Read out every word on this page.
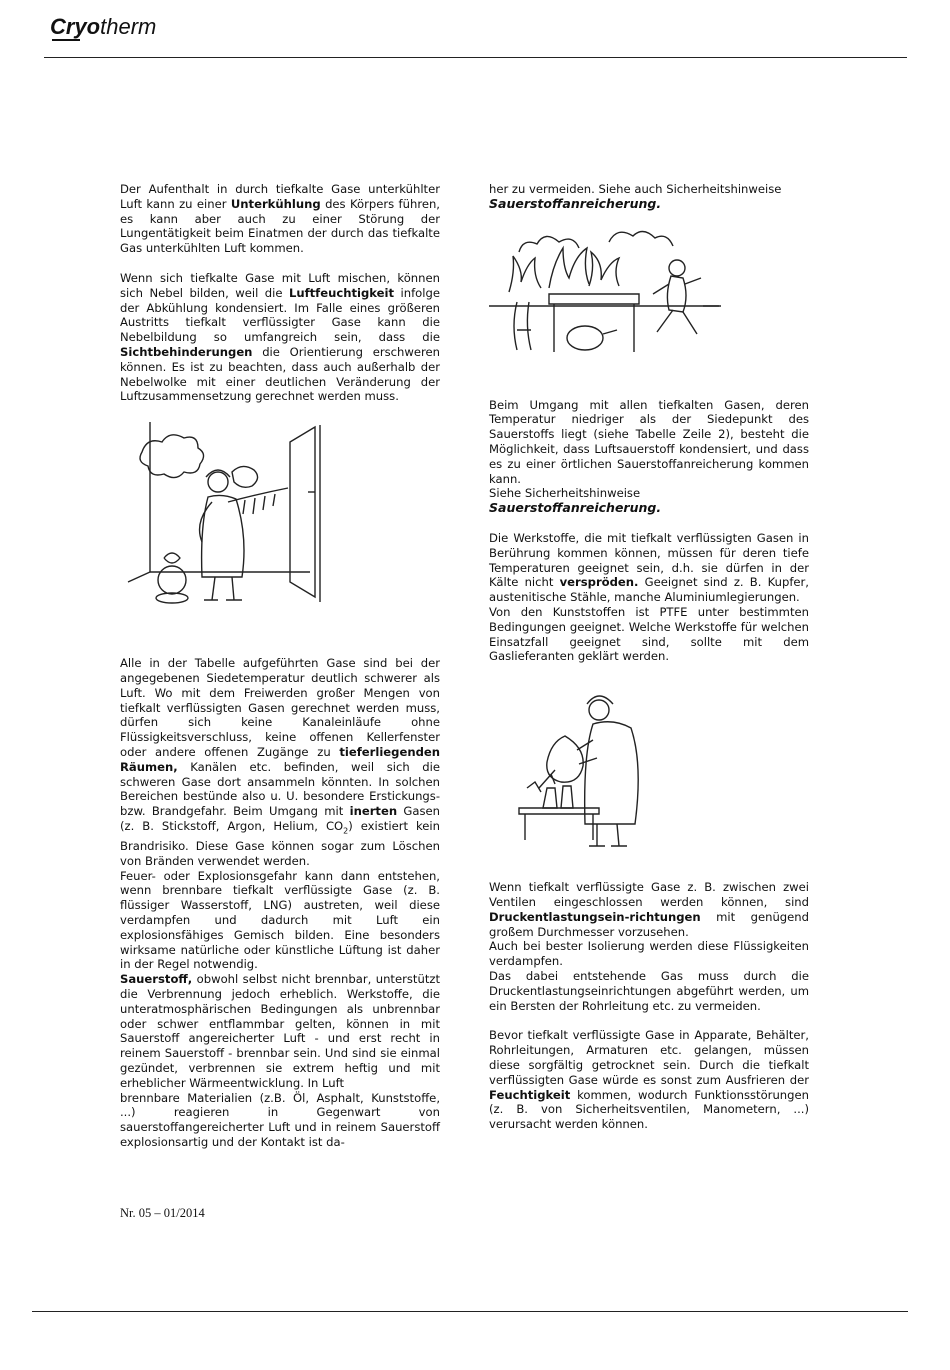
Cryotherm

Der Aufenthalt in durch tiefkalte Gase unterkühlter Luft kann zu einer Unterkühlung des Körpers führen, es kann aber auch zu einer Störung der Lungentätigkeit beim Einatmen der durch das tiefkalte Gas unterkühlten Luft kommen.

Wenn sich tiefkalte Gase mit Luft mischen, können sich Nebel bilden, weil die Luftfeuchtigkeit infolge der Abkühlung kondensiert. Im Falle eines größeren Austritts tiefkalt verflüssigter Gase kann die Nebelbildung so umfangreich sein, dass die Sichtbehinderungen die Orientierung erschweren können. Es ist zu beachten, dass auch außerhalb der Nebelwolke mit einer deutlichen Veränderung der Luftzusammensetzung gerechnet werden muss.

Alle in der Tabelle aufgeführten Gase sind bei der angegebenen Siedetemperatur deutlich schwerer als Luft. Wo mit dem Freiwerden großer Mengen von tiefkalt verflüssigten Gasen gerechnet werden muss, dürfen sich keine Kanaleinläufe ohne Flüssigkeitsverschluss, keine offenen Kellerfenster oder andere offenen Zugänge zu tieferliegenden Räumen, Kanälen etc. befinden, weil sich die schweren Gase dort ansammeln könnten. In solchen Bereichen bestünde also u. U. besondere Erstickungs- bzw. Brandgefahr. Beim Umgang mit inerten Gasen (z. B. Stickstoff, Argon, Helium, $CO_2$) existiert kein Brandrisiko. Diese Gase können sogar zum Löschen von Bränden verwendet werden.

Feuer- oder Explosionsgefahr kann dann entstehen, wenn brennbare tiefkalt verflüssigte Gase (z. B. flüssiger Wasserstoff, LNG) austreten, weil diese verdampfen und dadurch mit Luft ein explosionsfähiges Gemisch bilden. Eine besonders wirksame natürliche oder künstliche Lüftung ist daher in der Regel notwendig.

Sauerstoff, obwohl selbst nicht brennbar, unterstützt die Verbrennung jedoch erheblich. Werkstoffe, die unteratmosphärischen Bedingungen als unbrennbar oder schwer entflammbar gelten, können in mit Sauerstoff angereicherter Luft - und erst recht in reinem Sauerstoff - brennbar sein. Und sind sie einmal gezündet, verbrennen sie extrem heftig und mit erheblicher Wärmeentwicklung. In Luft

brennbare Materialien (z.B. Öl, Asphalt, Kunststoffe, ...) reagieren in Gegenwart von sauerstoffangereicherter Luft und in reinem Sauerstoff explosionsartig und der Kontakt ist da-

her zu vermeiden. Siehe auch Sicherheitshinweise
Sauerstoffanreicherung.

Beim Umgang mit allen tiefkalten Gasen, deren Temperatur niedriger als der Siedepunkt des Sauerstoffs liegt (siehe Tabelle Zeile 2), besteht die Möglichkeit, dass Luftsauerstoff kondensiert, und dass es zu einer örtlichen Sauerstoffanreicherung kommen kann.
Siehe Sicherheitshinweise
Sauerstoffanreicherung.

Die Werkstoffe, die mit tiefkalt verflüssigten Gasen in Berührung kommen können, müssen für deren tiefe Temperaturen geeignet sein, d.h. sie dürfen in der Kälte nicht verspröden. Geeignet sind z. B. Kupfer, austenitische Stähle, manche Aluminiumlegierungen.

Von den Kunststoffen ist PTFE unter bestimmten Bedingungen geeignet. Welche Werkstoffe für welchen Einsatzfall geeignet sind, sollte mit dem Gaslieferanten geklärt werden.

Wenn tiefkalt verflüssigte Gase z. B. zwischen zwei Ventilen eingeschlossen werden können, sind Druckentlastungsein-richtungen mit genügend großem Durchmesser vorzusehen.

Auch bei bester Isolierung werden diese Flüssigkeiten verdampfen.

Das dabei entstehende Gas muss durch die Druckentlastungseinrichtungen abgeführt werden, um ein Bersten der Rohrleitung etc. zu vermeiden.

Bevor tiefkalt verflüssigte Gase in Apparate, Behälter, Rohrleitungen, Armaturen etc. gelangen, müssen diese sorgfältig getrocknet sein. Durch die tiefkalt verflüssigten Gase würde es sonst zum Ausfrieren der Feuchtigkeit kommen, wodurch Funktionsstörungen (z. B. von Sicherheitsventilen, Manometern, ...) verursacht werden können.

Nr. 05 – 01/2014
